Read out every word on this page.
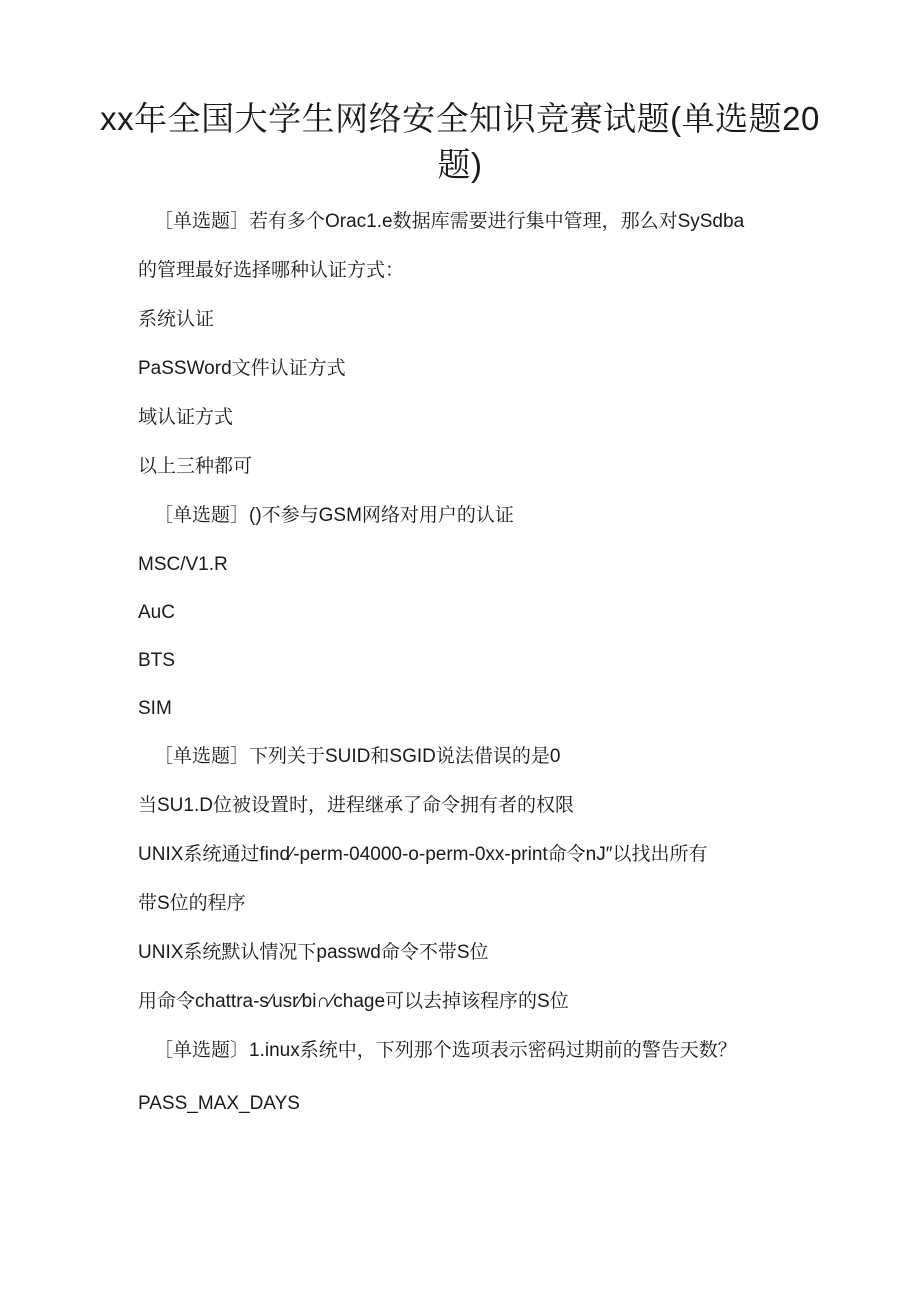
xx年全国大学生网络安全知识竞赛试题(单选题20题)

［单选题］若有多个Orac1.e数据库需要进行集中管理，那么对SySdba

的管理最好选择哪种认证方式：

系统认证

PaSSWord文件认证方式

域认证方式

以上三种都可

［单选题］()不参与GSM网络对用户的认证

MSC/V1.R

AuC

BTS

SIM

［单选题］下列关于SUID和SGID说法借误的是0

当SU1.D位被设置时，进程继承了命令拥有者的权限

UNIX系统通过find∕-perm-04000-o-perm-0xx-print命令nJ″以找出所有

带S位的程序

UNIX系统默认情况下passwd命令不带S位

用命令chattra-s∕usr∕bi∩∕chage可以去掉该程序的S位

［单选题〕1.inux系统中，下列那个选项表示密码过期前的警告天数？

PASS_MAX_DAYS
